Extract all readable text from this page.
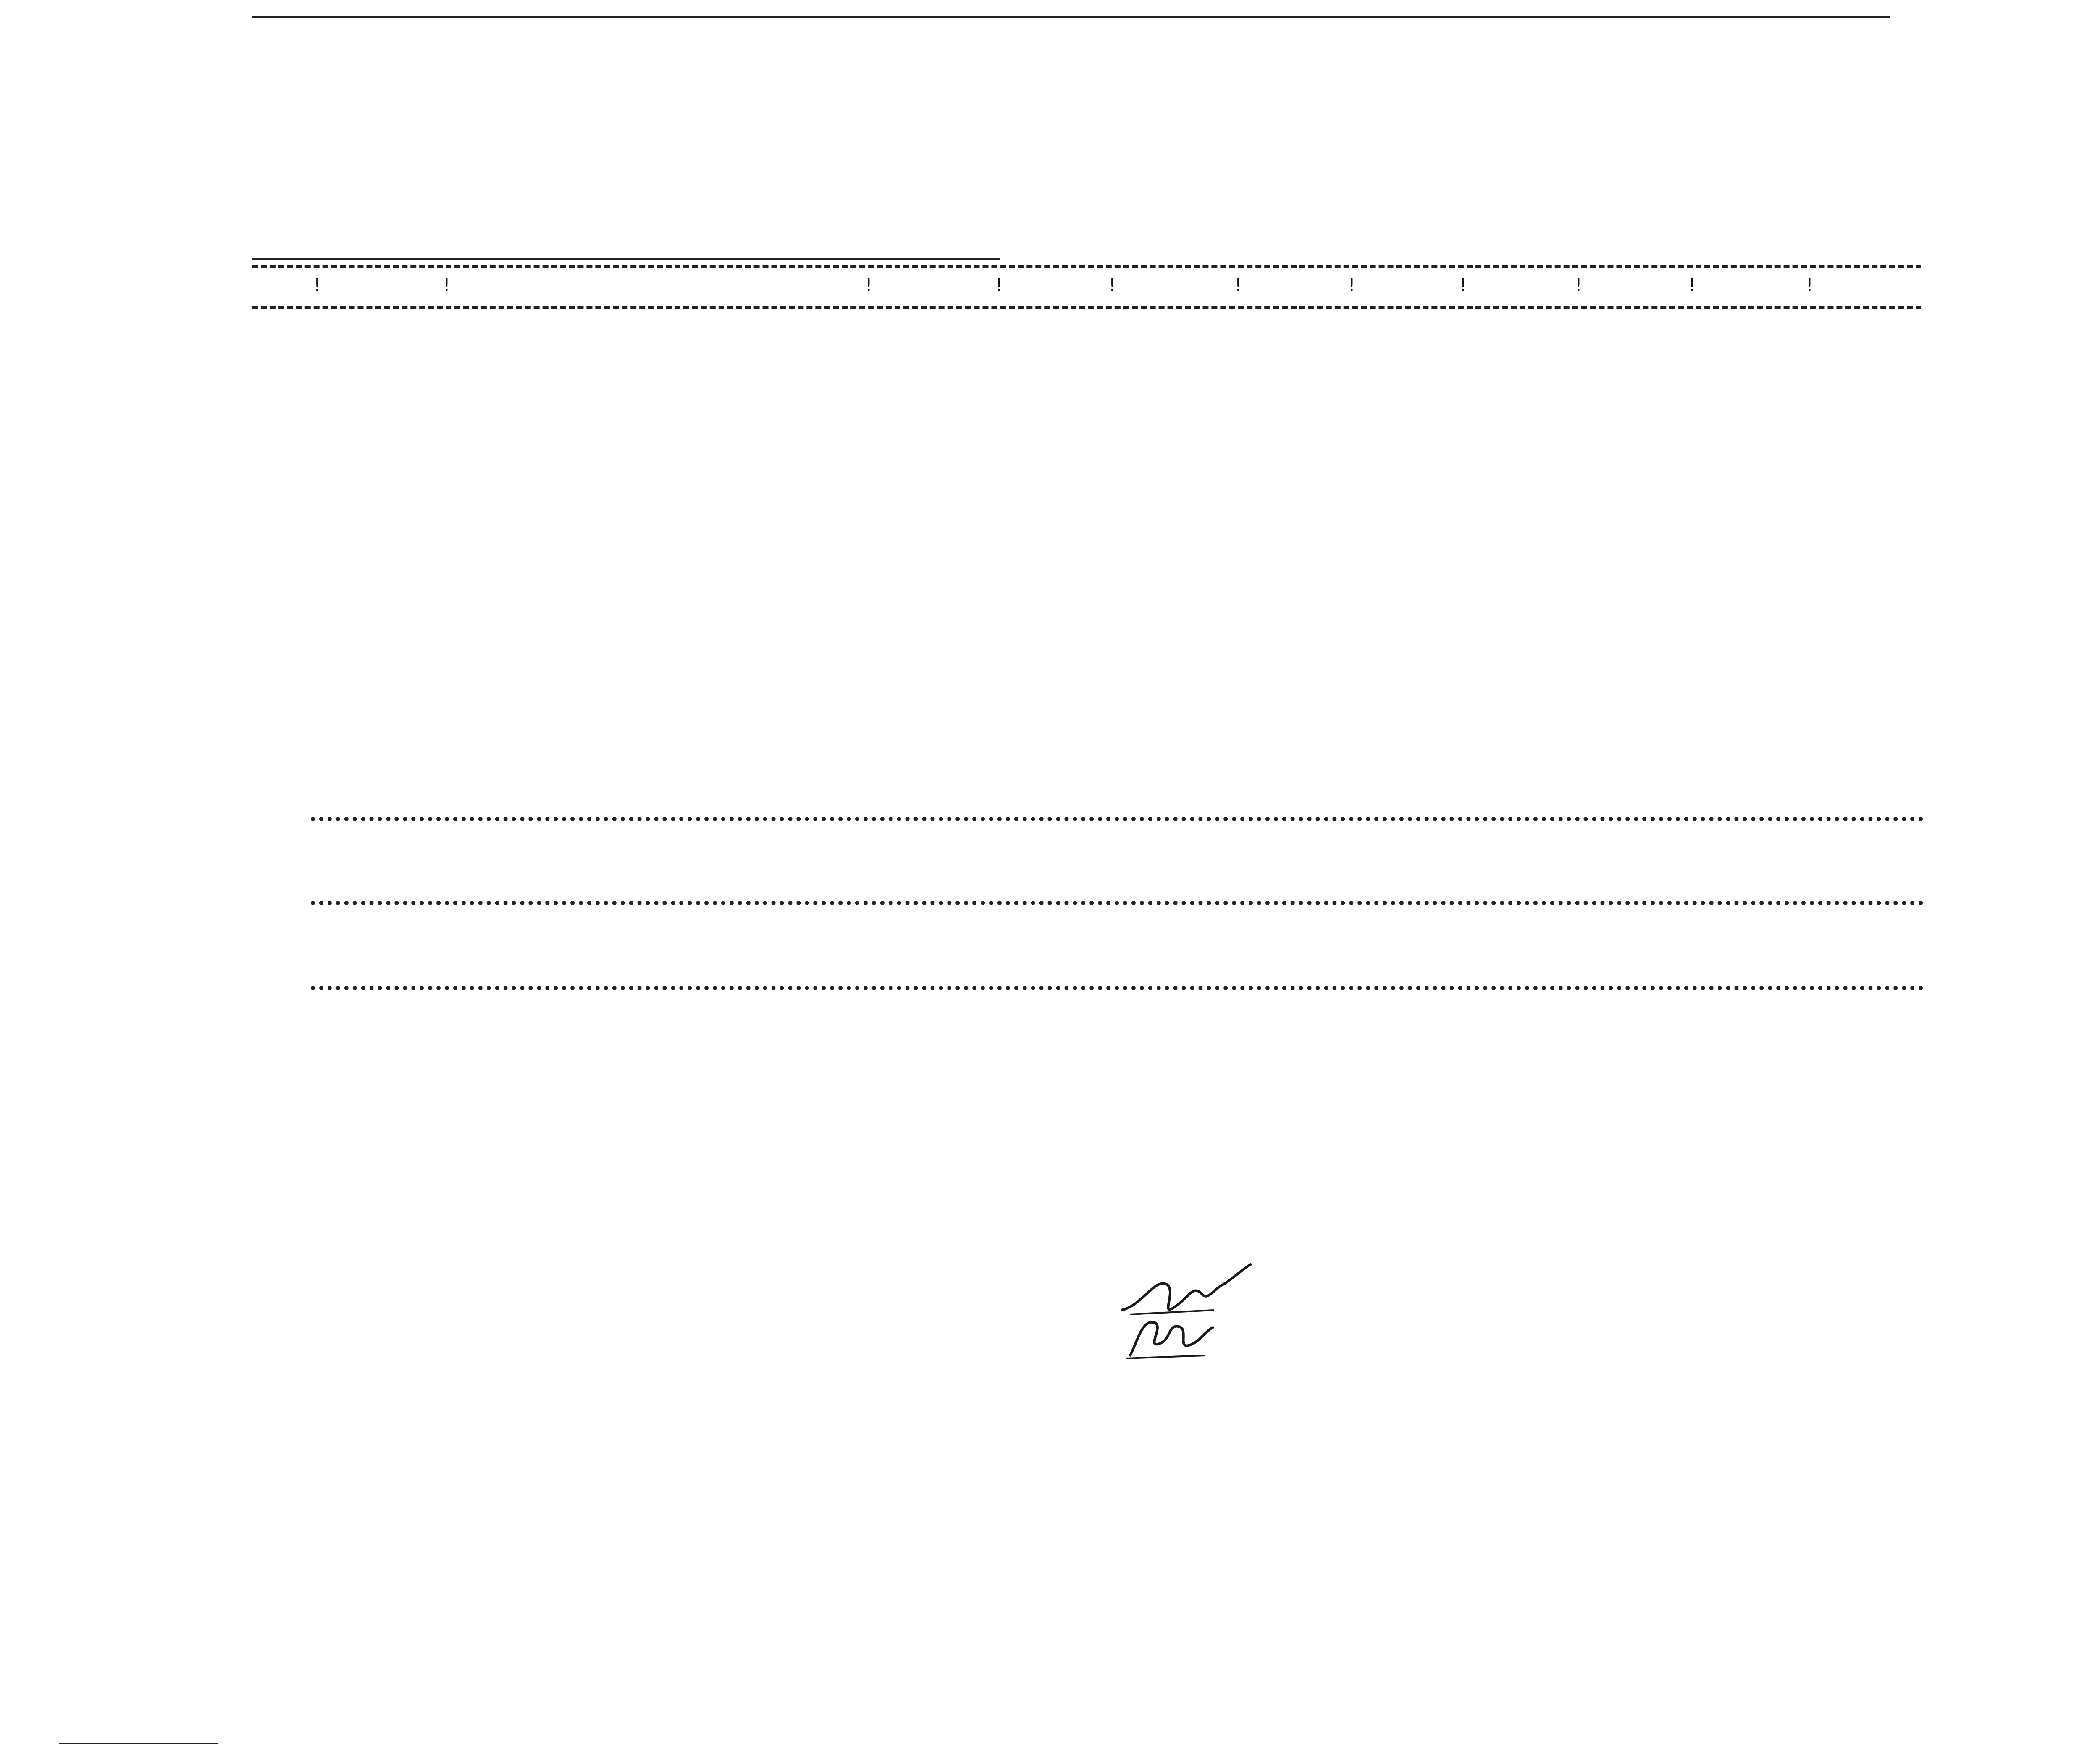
!	!	!	!	!	!	!	!	!	!	!
